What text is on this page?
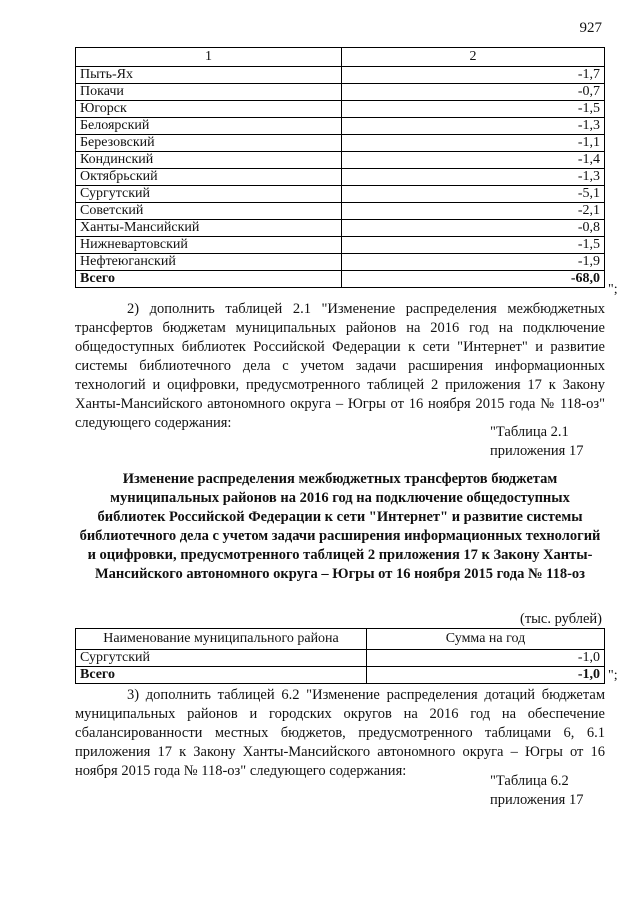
927
1	2
Пыть-Ях	-1,7
Покачи	-0,7
Югорск	-1,5
Белоярский	-1,3
Березовский	-1,1
Кондинский	-1,4
Октябрьский	-1,3
Сургутский	-5,1
Советский	-2,1
Ханты-Мансийский	-0,8
Нижневартовский	-1,5
Нефтеюганский	-1,9
Всего	-68,0
";

2) дополнить таблицей 2.1 "Изменение распределения межбюджетных трансфертов бюджетам муниципальных районов на 2016 год на подключение общедоступных библиотек Российской Федерации к сети "Интернет" и развитие системы библиотечного дела с учетом задачи расширения информационных технологий и оцифровки, предусмотренного таблицей 2 приложения 17 к Закону Ханты-Мансийского автономного округа – Югры от 16 ноября 2015 года № 118-оз" следующего содержания:

"Таблица 2.1
приложения 17
Изменение распределения межбюджетных трансфертов бюджетам муниципальных районов на 2016 год на подключение общедоступных библиотек Российской Федерации к сети "Интернет" и развитие системы библиотечного дела с учетом задачи расширения информационных технологий и оцифровки, предусмотренного таблицей 2 приложения 17 к Закону Ханты-Мансийского автономного округа – Югры от 16 ноября 2015 года № 118-оз
(тыс. рублей)
Наименование муниципального района	Сумма на год
Сургутский	-1,0
Всего	-1,0 ";

3) дополнить таблицей 6.2 "Изменение распределения дотаций бюджетам муниципальных районов и городских округов на 2016 год на обеспечение сбалансированности местных бюджетов, предусмотренного таблицами 6, 6.1 приложения 17 к Закону Ханты-Мансийского автономного округа – Югры от 16 ноября 2015 года № 118-оз" следующего содержания:

"Таблица 6.2
приложения 17
